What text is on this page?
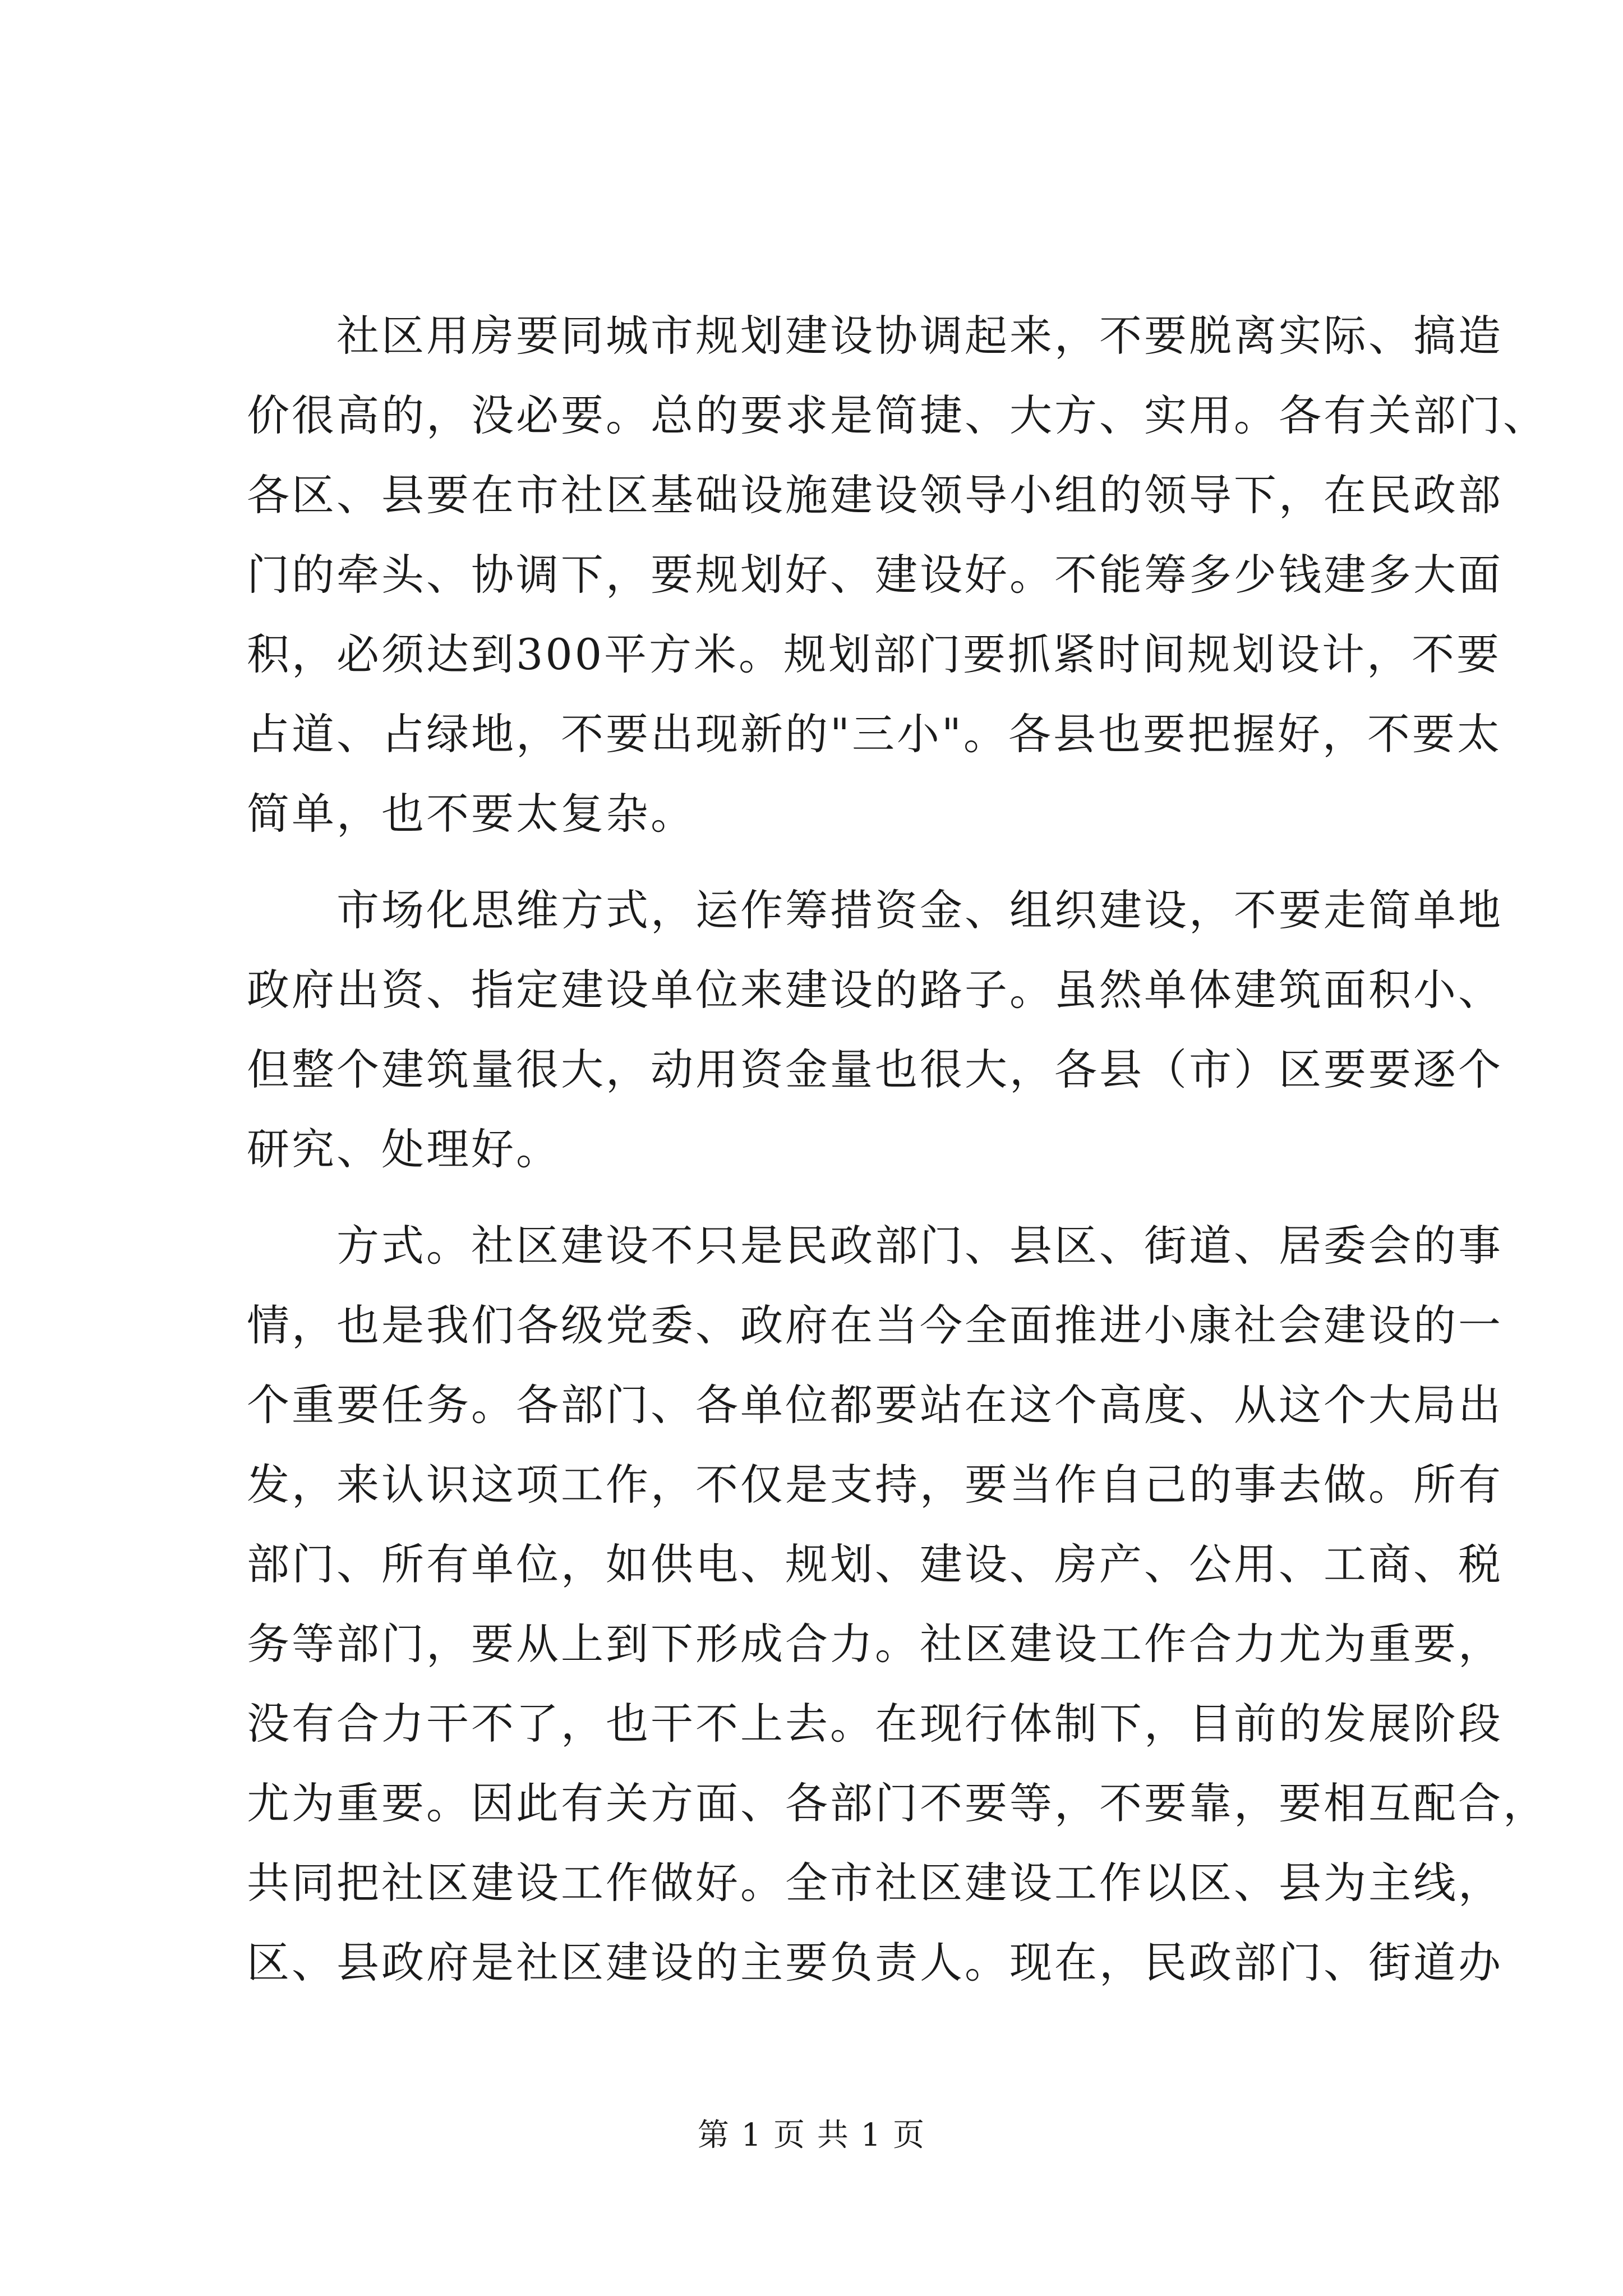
　　社区用房要同城市规划建设协调起来，不要脱离实际、搞造
价很高的，没必要。总的要求是简捷、大方、实用。各有关部门、
各区、县要在市社区基础设施建设领导小组的领导下，在民政部
门的牵头、协调下，要规划好、建设好。不能筹多少钱建多大面
积，必须达到300平方米。规划部门要抓紧时间规划设计，不要
占道、占绿地，不要出现新的"三小"。各县也要把握好，不要太
简单，也不要太复杂。
　　市场化思维方式，运作筹措资金、组织建设，不要走简单地
政府出资、指定建设单位来建设的路子。虽然单体建筑面积小、
但整个建筑量很大，动用资金量也很大，各县（市）区要要逐个
研究、处理好。
　　方式。社区建设不只是民政部门、县区、街道、居委会的事
情，也是我们各级党委、政府在当今全面推进小康社会建设的一
个重要任务。各部门、各单位都要站在这个高度、从这个大局出
发，来认识这项工作，不仅是支持，要当作自己的事去做。所有
部门、所有单位，如供电、规划、建设、房产、公用、工商、税
务等部门，要从上到下形成合力。社区建设工作合力尤为重要，
没有合力干不了，也干不上去。在现行体制下，目前的发展阶段
尤为重要。因此有关方面、各部门不要等，不要靠，要相互配合，
共同把社区建设工作做好。全市社区建设工作以区、县为主线，
区、县政府是社区建设的主要负责人。现在，民政部门、街道办
第 1 页 共 1 页
